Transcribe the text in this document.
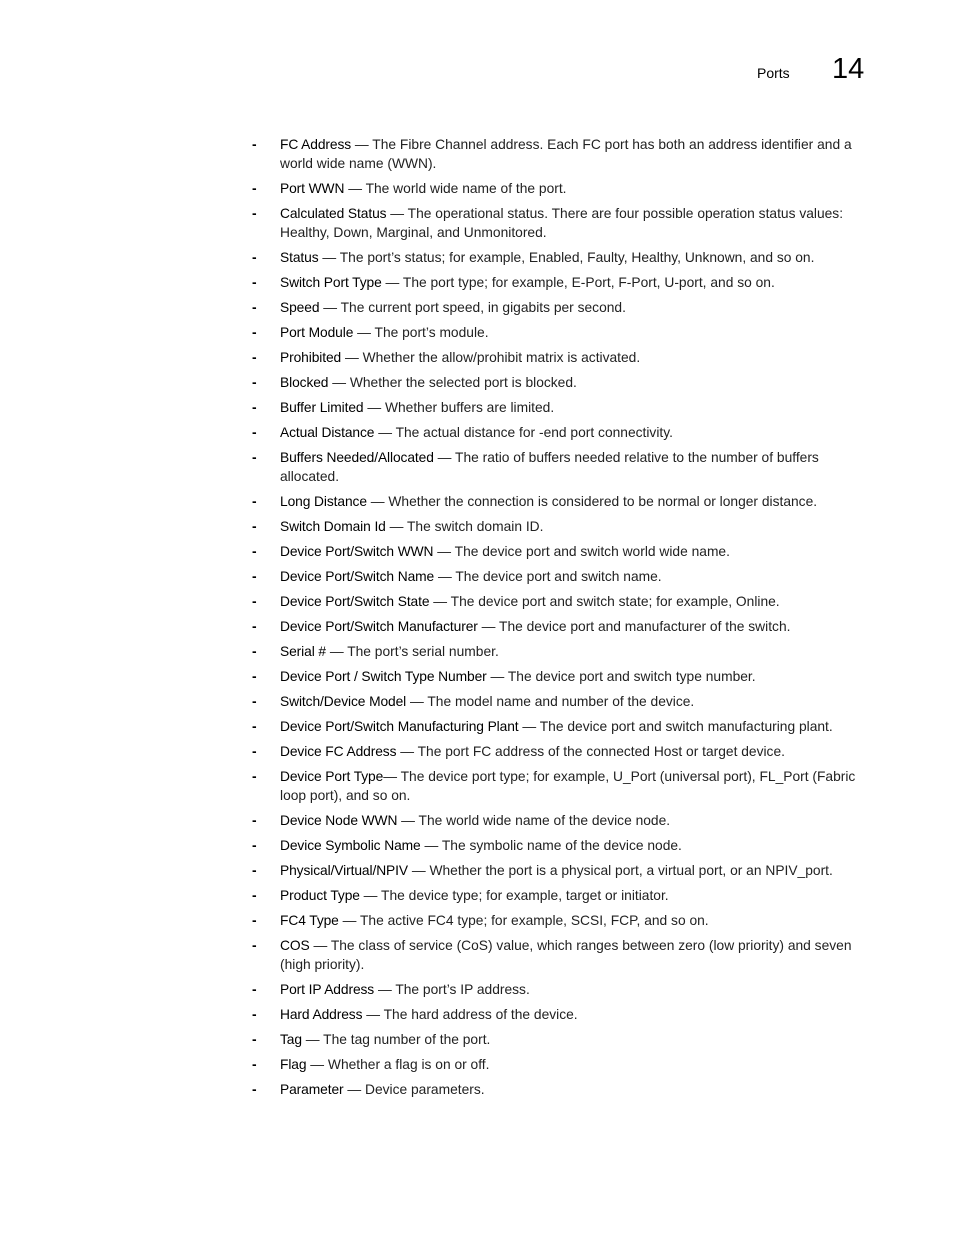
Ports 14
- FC Address — The Fibre Channel address. Each FC port has both an address identifier and a world wide name (WWN).
- Port WWN — The world wide name of the port.
- Calculated Status — The operational status. There are four possible operation status values: Healthy, Down, Marginal, and Unmonitored.
- Status — The port’s status; for example, Enabled, Faulty, Healthy, Unknown, and so on.
- Switch Port Type — The port type; for example, E-Port, F-Port, U-port, and so on.
- Speed — The current port speed, in gigabits per second.
- Port Module — The port’s module.
- Prohibited — Whether the allow/prohibit matrix is activated.
- Blocked — Whether the selected port is blocked.
- Buffer Limited — Whether buffers are limited.
- Actual Distance — The actual distance for -end port connectivity.
- Buffers Needed/Allocated — The ratio of buffers needed relative to the number of buffers allocated.
- Long Distance — Whether the connection is considered to be normal or longer distance.
- Switch Domain Id — The switch domain ID.
- Device Port/Switch WWN — The device port and switch world wide name.
- Device Port/Switch Name — The device port and switch name.
- Device Port/Switch State — The device port and switch state; for example, Online.
- Device Port/Switch Manufacturer — The device port and manufacturer of the switch.
- Serial # — The port’s serial number.
- Device Port / Switch Type Number — The device port and switch type number.
- Switch/Device Model — The model name and number of the device.
- Device Port/Switch Manufacturing Plant — The device port and switch manufacturing plant.
- Device FC Address — The port FC address of the connected Host or target device.
- Device Port Type— The device port type; for example, U_Port (universal port), FL_Port (Fabric loop port), and so on.
- Device Node WWN — The world wide name of the device node.
- Device Symbolic Name — The symbolic name of the device node.
- Physical/Virtual/NPIV — Whether the port is a physical port, a virtual port, or an NPIV_port.
- Product Type — The device type; for example, target or initiator.
- FC4 Type — The active FC4 type; for example, SCSI, FCP, and so on.
- COS — The class of service (CoS) value, which ranges between zero (low priority) and seven (high priority).
- Port IP Address — The port’s IP address.
- Hard Address — The hard address of the device.
- Tag — The tag number of the port.
- Flag — Whether a flag is on or off.
- Parameter — Device parameters.
